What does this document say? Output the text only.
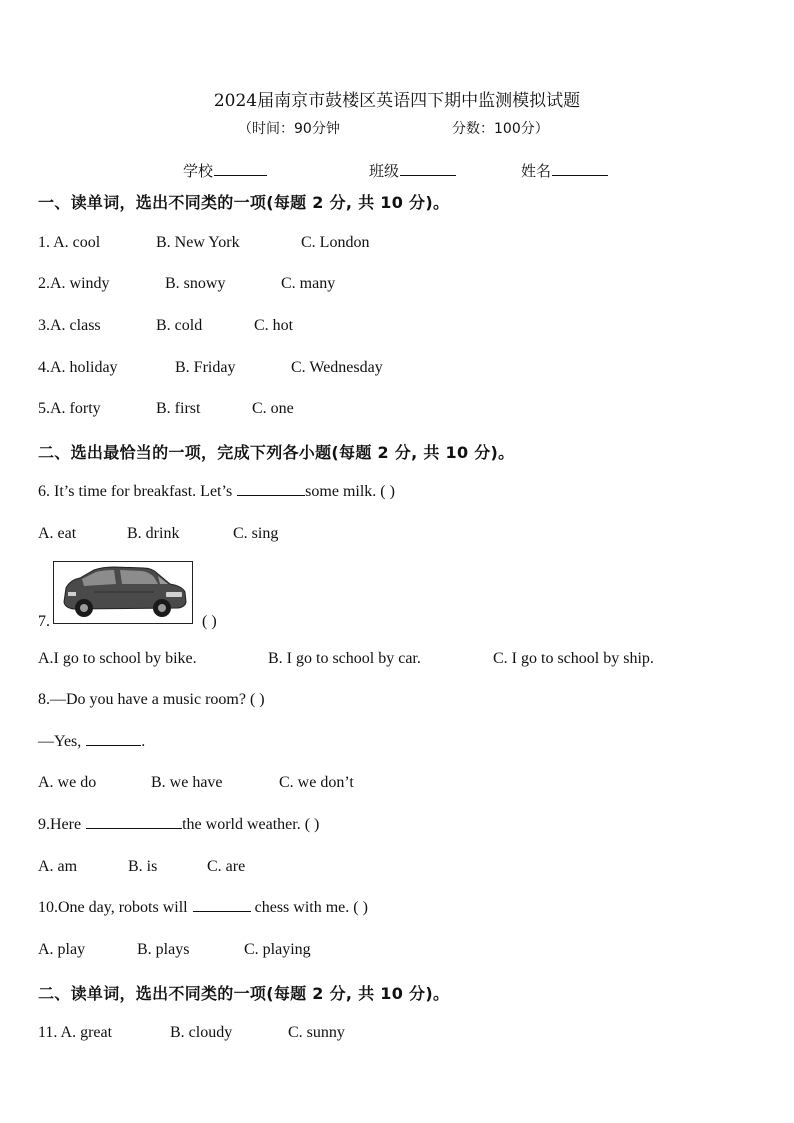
2024届南京市鼓楼区英语四下期中监测模拟试题
（时间：90分钟	分数：100分）
学校	班级	姓名
一、读单词，选出不同类的一项(每题 2 分, 共 10 分)。
1. A. cool	B. New York	C. London
2.A. windy	B. snowy	C. many
3.A. class	B. cold	C. hot
4.A. holiday	B. Friday	C. Wednesday
5.A. forty	B. first	C. one
二、选出最恰当的一项，完成下列各小题(每题 2 分, 共 10 分)。
6. It’s time for breakfast. Let’s	some milk. ( )
A. eat	B. drink	C. sing
7.	( )
A.I go to school by bike.	B. I go to school by car.	C. I go to school by ship.
8.—Do you have a music room? ( )
—Yes,	.
A. we do	B. we have	C. we don’t
9.Here	the world weather. ( )
A. am	B. is	C. are
10.One day, robots will	chess with me. ( )
A. play	B. plays	C. playing
二、读单词，选出不同类的一项(每题 2 分, 共 10 分)。
11. A. great	B. cloudy	C. sunny
